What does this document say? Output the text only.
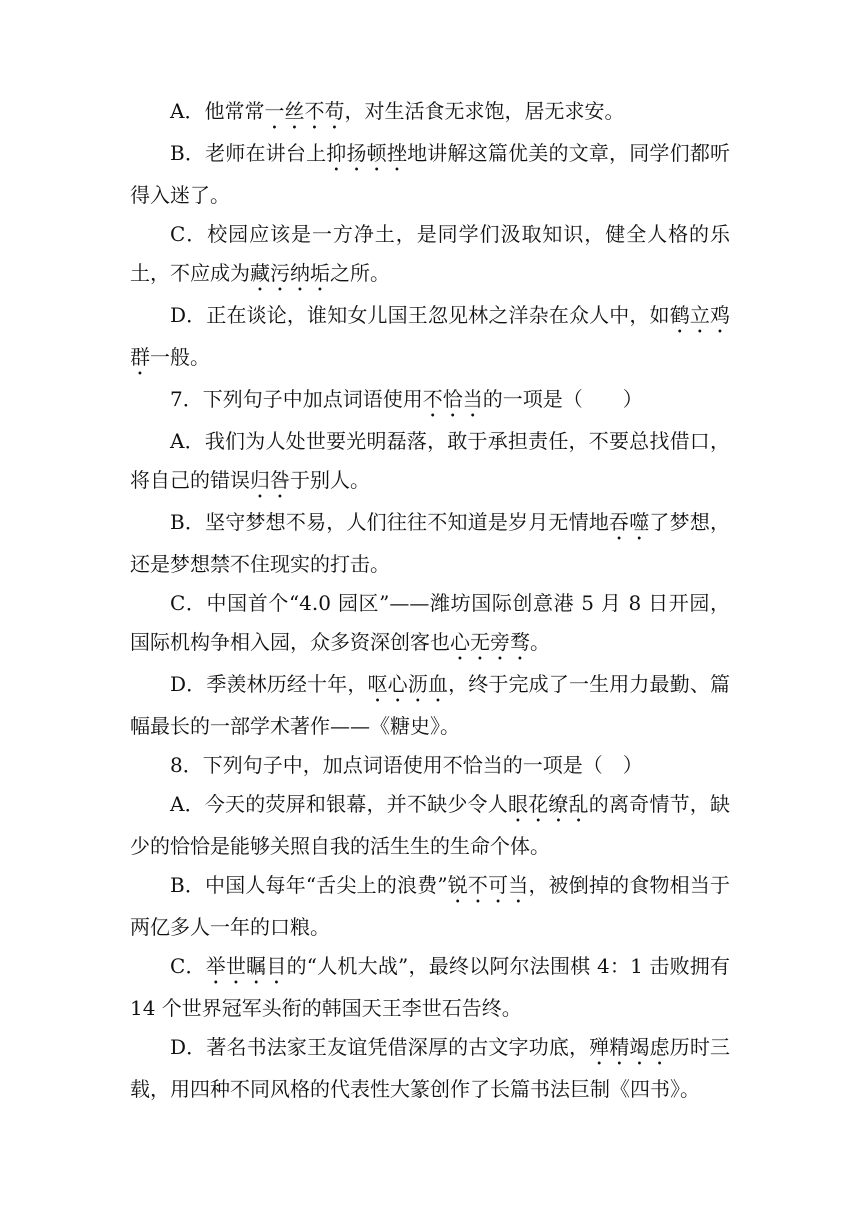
A．他常常一丝不苟，对生活食无求饱，居无求安。

B．老师在讲台上抑扬顿挫地讲解这篇优美的文章，同学们都听得入迷了。

C．校园应该是一方净土，是同学们汲取知识，健全人格的乐土，不应成为藏污纳垢之所。

D．正在谈论，谁知女儿国王忽见林之洋杂在众人中，如鹤立鸡群一般。

7．下列句子中加点词语使用不恰当的一项是（　　）

A．我们为人处世要光明磊落，敢于承担责任，不要总找借口，将自己的错误归咎于别人。

B．坚守梦想不易，人们往往不知道是岁月无情地吞噬了梦想，还是梦想禁不住现实的打击。

C．中国首个“4.0 园区”——潍坊国际创意港 5 月 8 日开园，国际机构争相入园，众多资深创客也心无旁骛。

D．季羡林历经十年，呕心沥血，终于完成了一生用力最勤、篇幅最长的一部学术著作——《糖史》。

8．下列句子中，加点词语使用不恰当的一项是（　）

A．今天的荧屏和银幕，并不缺少令人眼花缭乱的离奇情节，缺少的恰恰是能够关照自我的活生生的生命个体。

B．中国人每年“舌尖上的浪费”锐不可当，被倒掉的食物相当于两亿多人一年的口粮。

C．举世瞩目的“人机大战”，最终以阿尔法围棋 4：1 击败拥有 14 个世界冠军头衔的韩国天王李世石告终。

D．著名书法家王友谊凭借深厚的古文字功底，殚精竭虑历时三载，用四种不同风格的代表性大篆创作了长篇书法巨制《四书》。
